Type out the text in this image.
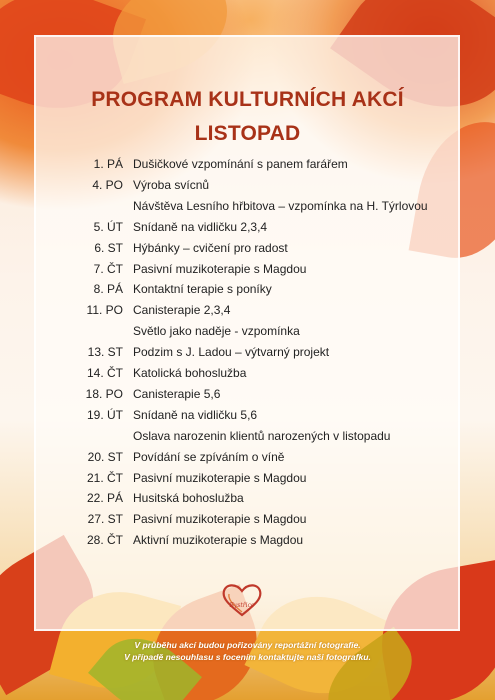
PROGRAM KULTURNÍCH AKCÍ
LISTOPAD
1. PÁ Dušičkové vzpomínání s panem farářem
4. PO Výroba svícnů
Návštěva Lesního hřbitova – vzpomínka na H. Týrlovou
5. ÚT Snídaně na vidličku 2,3,4
6. ST Hýbánky – cvičení pro radost
7. ČT Pasivní muzikoterapie s Magdou
8. PÁ Kontaktní terapie s poníky
11. PO Canisterapie 2,3,4
Světlo jako naděje - vzpomínka
13. ST Podzim s J. Ladou – výtvarný projekt
14. ČT Katolická bohoslužba
18. PO Canisterapie 5,6
19. ÚT Snídaně na vidličku 5,6
Oslava narozenin klientů narozených v listopadu
20. ST Povídání se zpíváním o víně
21. ČT Pasivní muzikoterapie s Magdou
22. PÁ Husitská bohoslužba
27. ST Pasivní muzikoterapie s Magdou
28. ČT Aktivní muzikoterapie s Magdou
Bystřice
V průběhu akcí budou pořizovány reportážní fotografie.
V případě nesouhlasu s focením kontaktujte naši fotografku.
